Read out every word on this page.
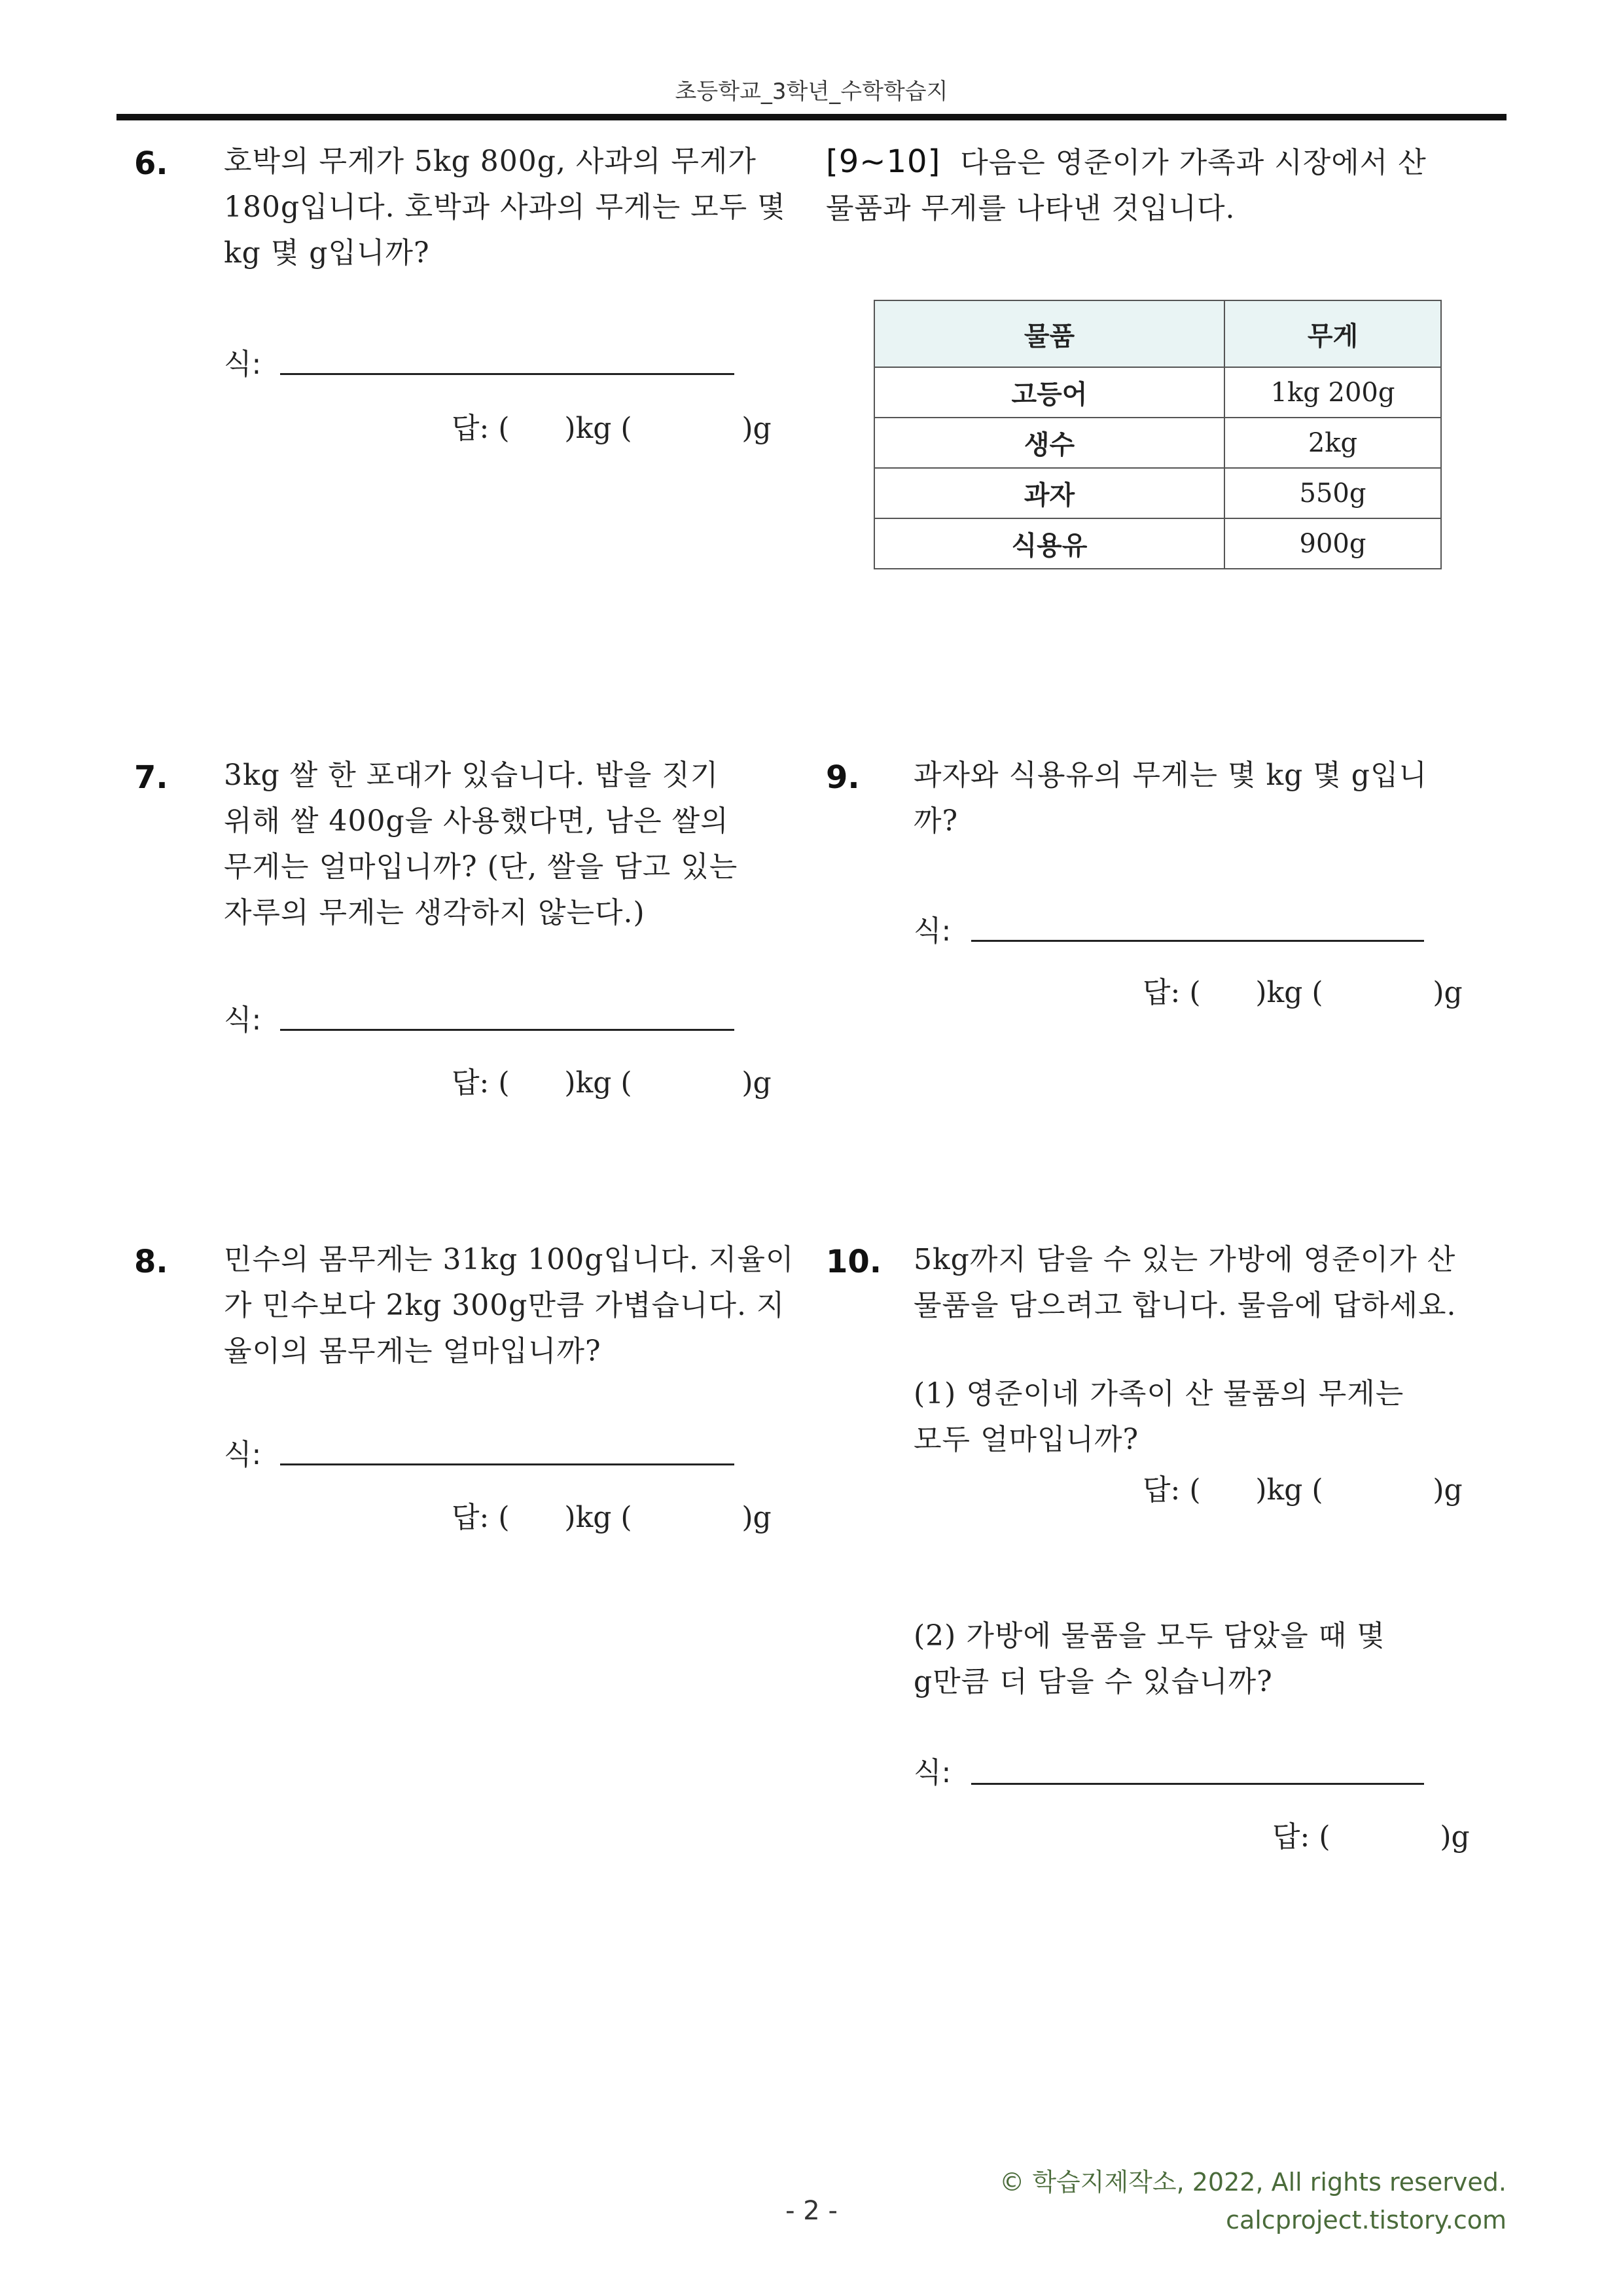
초등학교_3학년_수학학습지
6. 호박의 무게가 5kg 800g, 사과의 무게가
180g입니다. 호박과 사과의 무게는 모두 몇
kg 몇 g입니까?
식:
답: (      )kg (            )g
[9~10] 다음은 영준이가 가족과 시장에서 산
물품과 무게를 나타낸 것입니다.
물품	무게
고등어	1kg 200g
생수	2kg
과자	550g
식용유	900g
7. 3kg 쌀 한 포대가 있습니다. 밥을 짓기
위해 쌀 400g을 사용했다면, 남은 쌀의
무게는 얼마입니까? (단, 쌀을 담고 있는
자루의 무게는 생각하지 않는다.)
식:
답: (      )kg (            )g
9. 과자와 식용유의 무게는 몇 kg 몇 g입니
까?
식:
답: (      )kg (            )g
8. 민수의 몸무게는 31kg 100g입니다. 지율이
가 민수보다 2kg 300g만큼 가볍습니다. 지
율이의 몸무게는 얼마입니까?
식:
답: (      )kg (            )g
10. 5kg까지 담을 수 있는 가방에 영준이가 산
물품을 담으려고 합니다. 물음에 답하세요.
(1) 영준이네 가족이 산 물품의 무게는
모두 얼마입니까?
답: (      )kg (            )g
(2) 가방에 물품을 모두 담았을 때 몇
g만큼 더 담을 수 있습니까?
식:
답: (            )g
© 학습지제작소, 2022, All rights reserved.
calcproject.tistory.com
- 2 -
